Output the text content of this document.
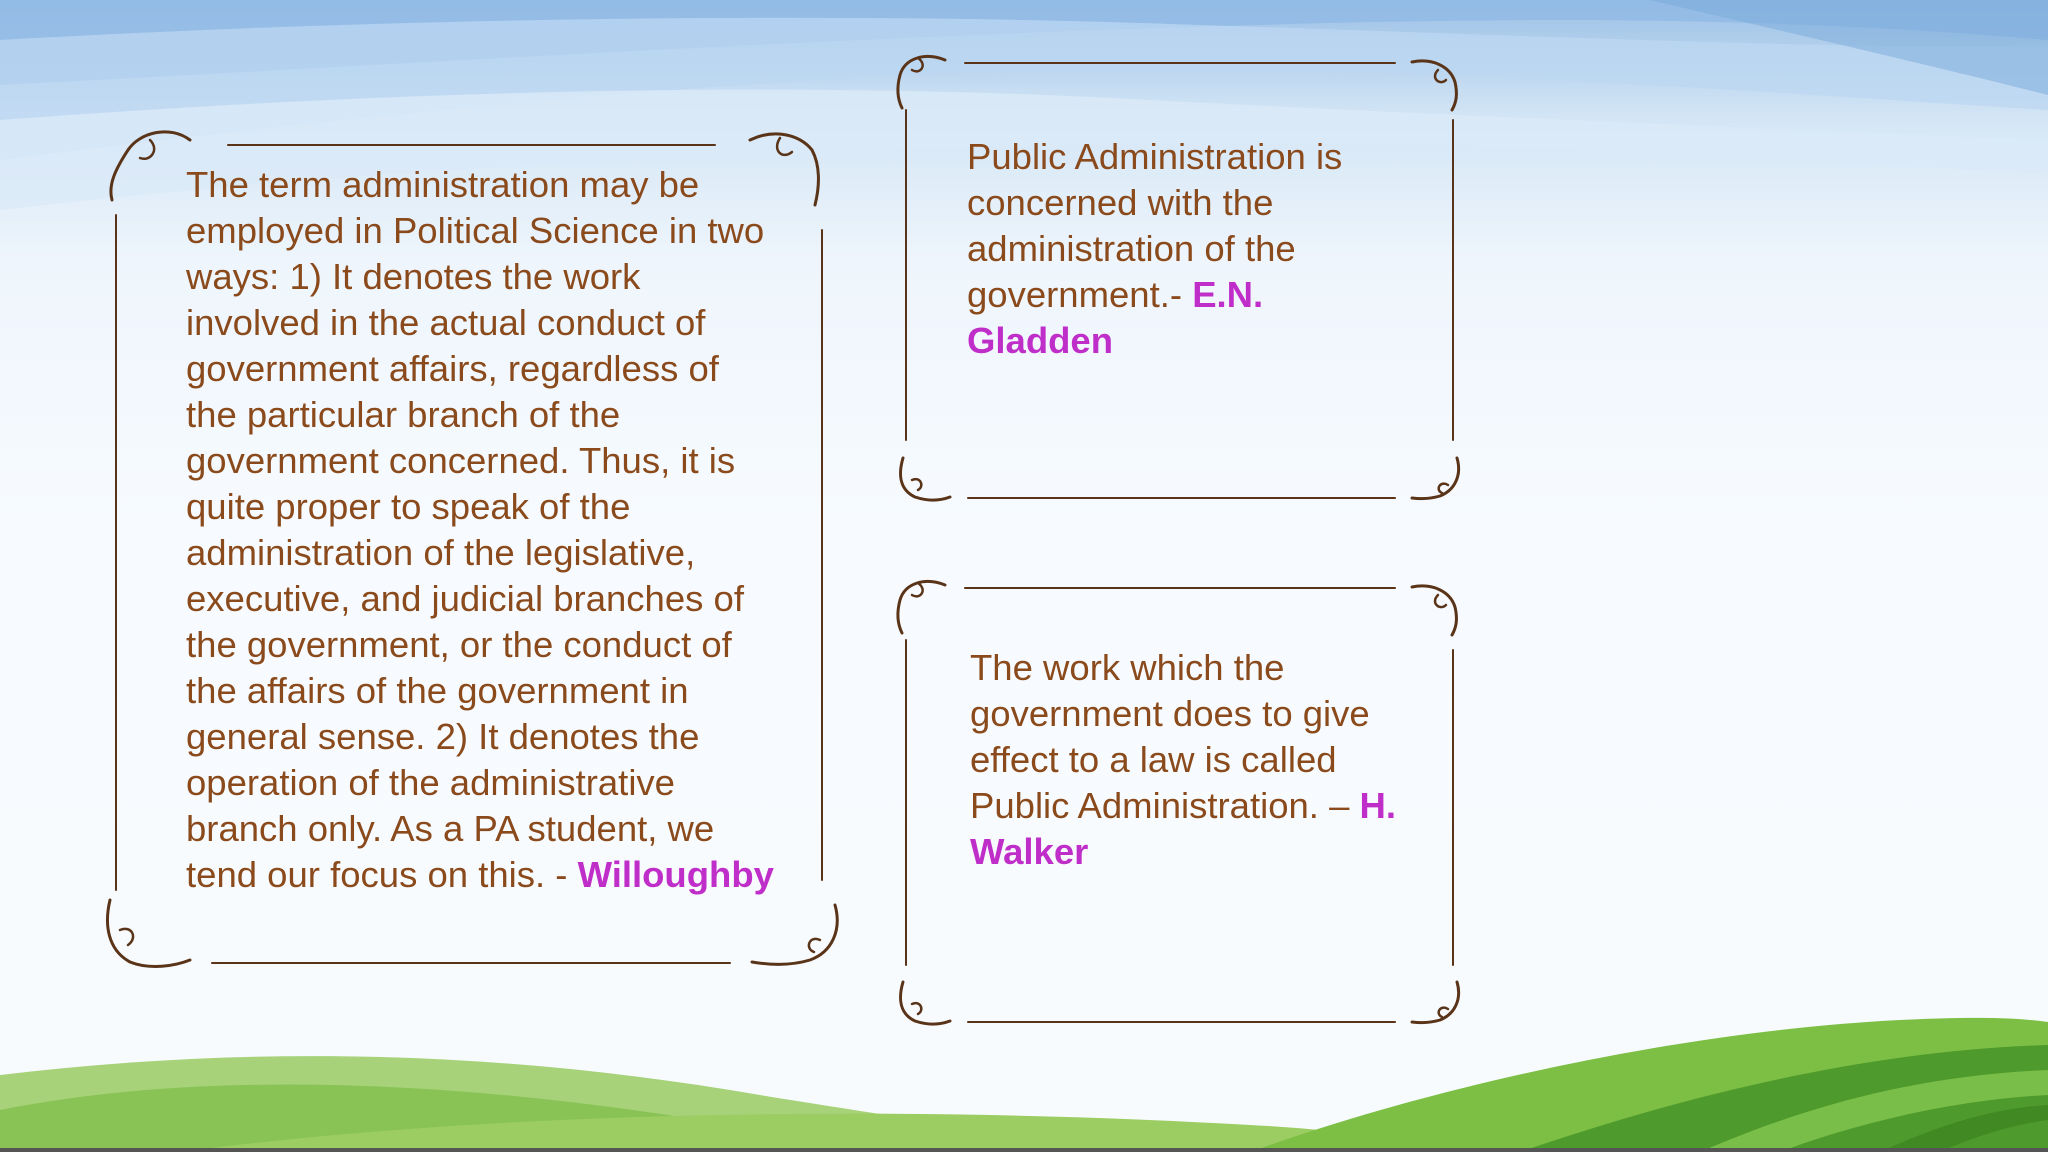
The term administration may be employed in Political Science in two ways: 1) It denotes the work involved in the actual conduct of government affairs, regardless of the particular branch of the government concerned. Thus, it is quite proper to speak of the administration of the legislative, executive, and judicial branches of the government, or the conduct of the affairs of the government in general sense. 2) It denotes the operation of the administrative branch only. As a PA student, we tend our focus on this. - Willoughby

Public Administration is concerned with the administration of the government.- E.N. Gladden

The work which the government does to give effect to a law is called Public Administration. – H. Walker
